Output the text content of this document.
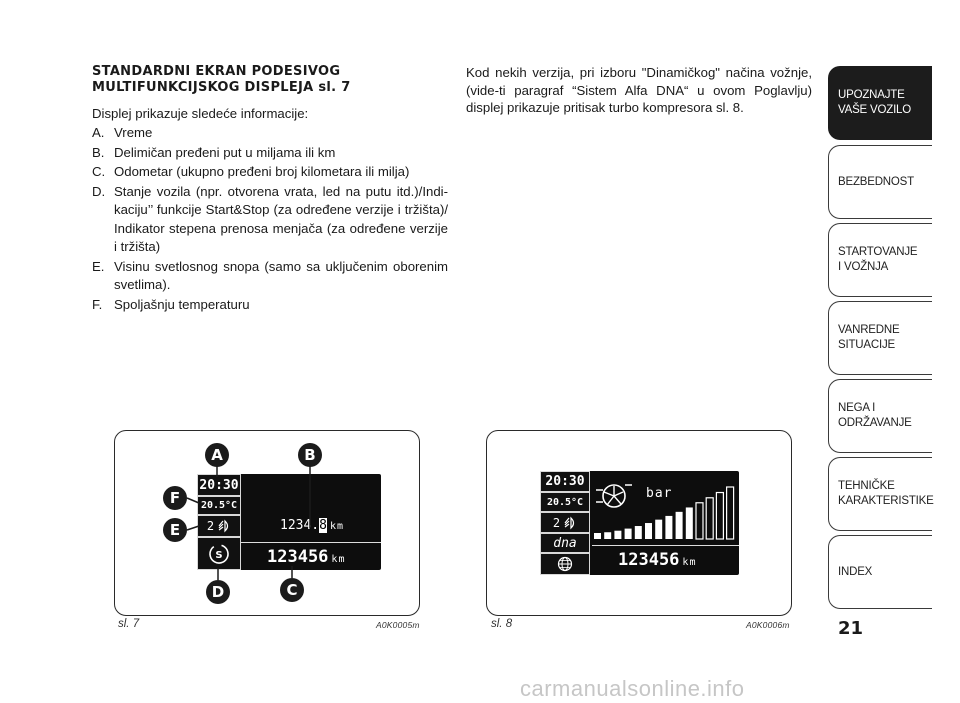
STANDARDNI EKRAN PODESIVOG
MULTIFUNKCIJSKOG DISPLEJA sl. 7
Displej prikazuje sledeće informacije:
A. Vreme
B. Delimičan pređeni put u miljama ili km
C. Odometar (ukupno pređeni broj kilometara ili milja)
D. Stanje vozila (npr. otvorena vrata, led na putu itd.)/Indi-kaciju’’ funkcije Start&Stop (za određene verzije i tržišta)/ Indikator stepena prenosa menjača (za određene verzije i tržišta)
E. Visinu svetlosnog snopa (samo sa uključenim oborenim svetlima).
F. Spoljašnju temperaturu
Kod nekih verzija, pri izboru "Dinamičkog" načina vožnje, (vide-ti paragraf “Sistem Alfa DNA“ u ovom Poglavlju) displej prikazuje pritisak turbo kompresora sl. 8.
20:30
20.5°C
2
S
1234.8 km
123456 km
A	B
C
D
E
F
sl. 7	A0K0005m
20:30
20.5°C
2
dna
bar
123456 km
sl. 8	A0K0006m
UPOZNAJTE
VAŠE VOZILO
BEZBEDNOST
STARTOVANJE
I VOŽNJA
VANREDNE
SITUACIJE
NEGA I
ODRŽAVANJE
TEHNIČKE
KARAKTERISTIKE
INDEX
21
carmanualsonline.info
